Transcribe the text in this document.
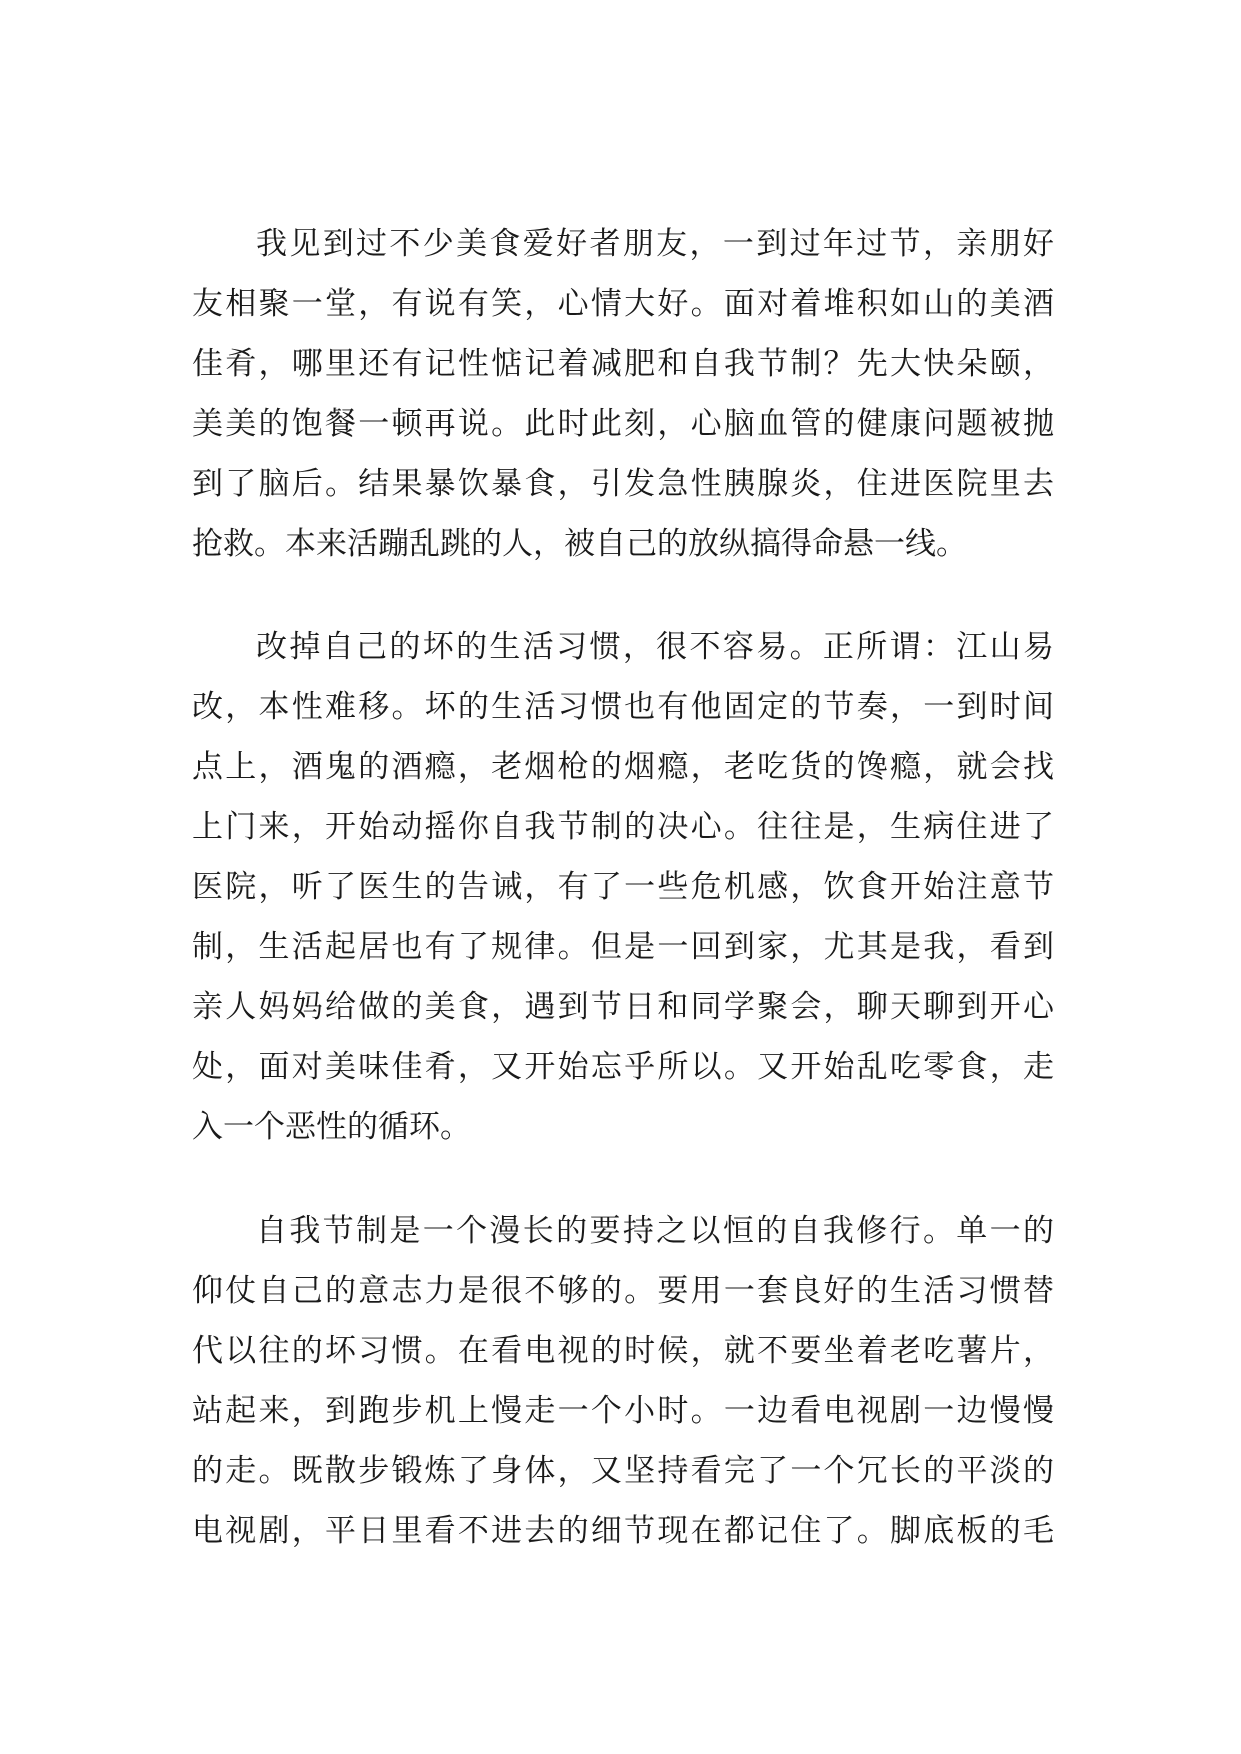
我见到过不少美食爱好者朋友，一到过年过节，亲朋好
友相聚一堂，有说有笑，心情大好。面对着堆积如山的美酒
佳肴，哪里还有记性惦记着减肥和自我节制？先大快朵颐，
美美的饱餐一顿再说。此时此刻，心脑血管的健康问题被抛
到了脑后。结果暴饮暴食，引发急性胰腺炎，住进医院里去
抢救。本来活蹦乱跳的人，被自己的放纵搞得命悬一线。
改掉自己的坏的生活习惯，很不容易。正所谓：江山易
改，本性难移。坏的生活习惯也有他固定的节奏，一到时间
点上，酒鬼的酒瘾，老烟枪的烟瘾，老吃货的馋瘾，就会找
上门来，开始动摇你自我节制的决心。往往是，生病住进了
医院，听了医生的告诫，有了一些危机感，饮食开始注意节
制，生活起居也有了规律。但是一回到家，尤其是我，看到
亲人妈妈给做的美食，遇到节日和同学聚会，聊天聊到开心
处，面对美味佳肴，又开始忘乎所以。又开始乱吃零食，走
入一个恶性的循环。
自我节制是一个漫长的要持之以恒的自我修行。单一的
仰仗自己的意志力是很不够的。要用一套良好的生活习惯替
代以往的坏习惯。在看电视的时候，就不要坐着老吃薯片，
站起来，到跑步机上慢走一个小时。一边看电视剧一边慢慢
的走。既散步锻炼了身体，又坚持看完了一个冗长的平淡的
电视剧，平日里看不进去的细节现在都记住了。脚底板的毛
